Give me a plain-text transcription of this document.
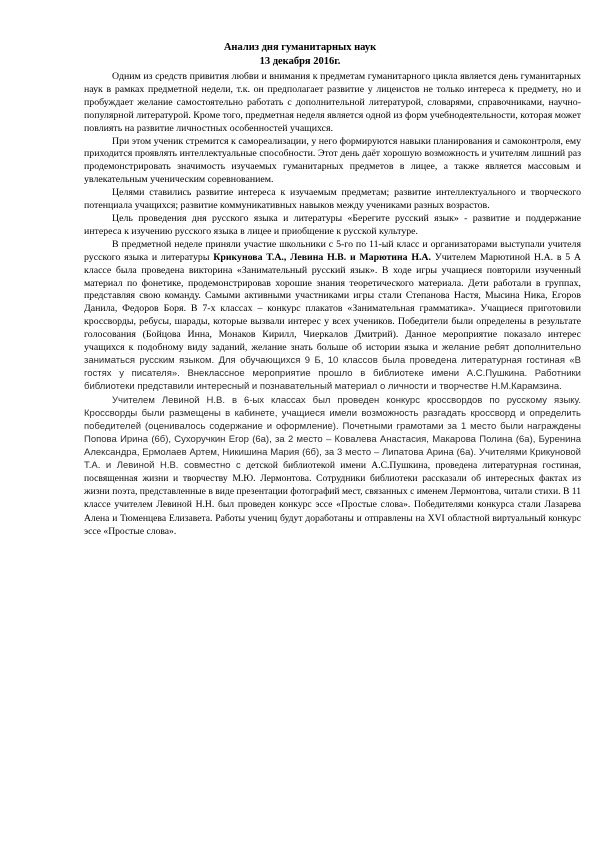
Анализ дня гуманитарных наук
13 декабря 2016г.

Одним из средств привития любви и внимания к предметам гуманитарного цикла является день гуманитарных наук в рамках предметной недели, т.к. он предполагает развитие у лицеистов не только интереса к предмету, но и пробуждает желание самостоятельно работать с дополнительной литературой, словарями, справочниками, научно-популярной литературой. Кроме того, предметная неделя является одной из форм учебнодеятельности, которая может повлиять на развитие личностных особенностей учащихся.

При этом ученик стремится к самореализации, у него формируются навыки планирования и самоконтроля, ему приходится проявлять интеллектуальные способности. Этот день даёт хорошую возможность и учителям лишний раз продемонстрировать значимость изучаемых гуманитарных предметов в лицее, а также является массовым и увлекательным ученическим соревнованием.

Целями ставились развитие интереса к изучаемым предметам; развитие интеллектуального и творческого потенциала учащихся; развитие коммуникативных навыков между учениками разных возрастов.

Цель проведения дня русского языка и литературы «Берегите русский язык» - развитие и поддержание интереса к изучению русского языка в лицее и приобщение к русской культуре.

В предметной неделе приняли участие школьники с 5-го по 11-ый класс и организаторами выступали учителя русского языка и литературы Крикунова Т.А., Левина Н.В. и Марютина Н.А. Учителем Марютиной Н.А. в 5 А классе была проведена викторина «Занимательный русский язык». В ходе игры учащиеся повторили изученный материал по фонетике, продемонстрировав хорошие знания теоретического материала. Дети работали в группах, представляя свою команду. Самыми активными участниками игры стали Степанова Настя, Мысина Ника, Егоров Данила, Федоров Боря. В 7-х классах – конкурс плакатов «Занимательная грамматика». Учащиеся приготовили кроссворды, ребусы, шарады, которые вызвали интерес у всех учеников. Победители были определены в результате голосования (Бойцова Инна, Монаков Кирилл, Чиеркалов Дмитрий). Данное мероприятие показало интерес учащихся к подобному виду заданий, желание знать больше об истории языка и желание ребят дополнительно заниматься русским языком. Для обучающихся 9 Б, 10 классов была проведена литературная гостиная «В гостях у писателя». Внеклассное мероприятие прошло в библиотеке имени А.С.Пушкина. Работники библиотеки представили интересный и познавательный материал о личности и творчестве Н.М.Карамзина.

Учителем Левиной Н.В. в 6-ых классах был проведен конкурс кроссвордов по русскому языку. Кроссворды были размещены в кабинете, учащиеся имели возможность разгадать кроссворд и определить победителей (оценивалось содержание и оформление). Почетными грамотами за 1 место были награждены Попова Ирина (6б), Сухоручкин Егор (6а), за 2 место – Ковалева Анастасия, Макарова Полина (6а), Буренина Александра, Ермолаев Артем, Никишина Мария (6б), за 3 место – Липатова Арина (6а). Учителями Крикуновой Т.А. и Левиной Н.В. совместно с детской библиотекой имени А.С.Пушкина, проведена литературная гостиная, посвященная жизни и творчеству М.Ю. Лермонтова. Сотрудники библиотеки рассказали об интересных фактах из жизни поэта, представленные в виде презентации фотографий мест, связанных с именем Лермонтова, читали стихи. В 11 классе учителем Левиной Н.Н. был проведен конкурс эссе «Простые слова». Победителями конкурса стали Лазарева Алена и Тюменцева Елизавета. Работы учениц будут доработаны и отправлены на XVI областной виртуальный конкурс эссе «Простые слова».
